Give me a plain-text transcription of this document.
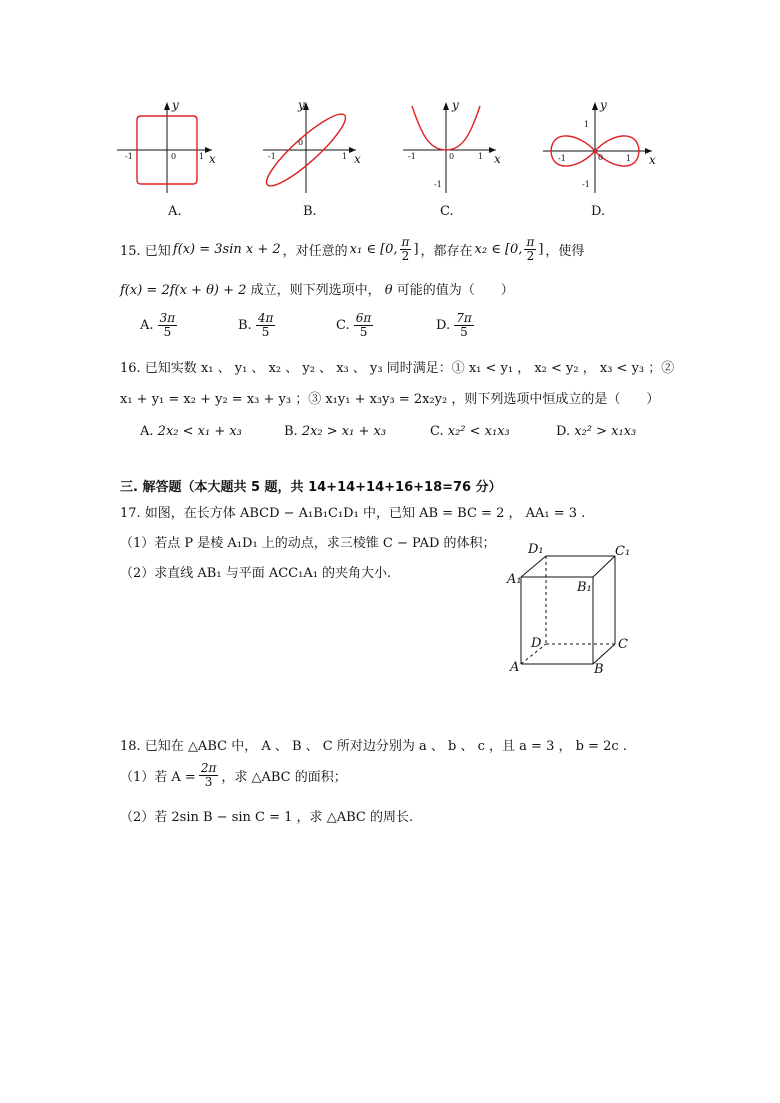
y
x
-1	0	1
A.
y
x
-1
0
1
B.
y
x
-1	0	1
-1
C.
y
x
-1	0	1
1
-1
D.
15. 已知 f(x) = 3sin x + 2 ，对任意的 x₁ ∈ [0, $\frac{\pi}{2}$ ] ，都存在 x₂ ∈ [0, $\frac{\pi}{2}$ ] ，使得
f(x) = 2f(x + θ) + 2 成立，则下列选项中， θ 可能的值为（　　）
A. $\frac{3\pi}{5}$	B. $\frac{4\pi}{5}$	C. $\frac{6\pi}{5}$	D. $\frac{7\pi}{5}$
16. 已知实数 x₁ 、 y₁ 、 x₂ 、 y₂ 、 x₃ 、 y₃ 同时满足：① x₁ < y₁ ， x₂ < y₂ ， x₃ < y₃ ；②
x₁ + y₁ = x₂ + y₂ = x₃ + y₃ ；③ x₁y₁ + x₃y₃ = 2x₂y₂ ，则下列选项中恒成立的是（　　）
A. 2x₂ < x₁ + x₃	B. 2x₂ > x₁ + x₃	C. x₂² < x₁x₃	D. x₂² > x₁x₃
三. 解答题（本大题共 5 题，共 14+14+14+16+18=76 分）
17. 如图，在长方体 ABCD − A₁B₁C₁D₁ 中，已知 AB = BC = 2 ， AA₁ = 3 .
（1）若点 P 是棱 A₁D₁ 上的动点，求三棱锥 C − PAD 的体积；
（2）求直线 AB₁ 与平面 ACC₁A₁ 的夹角大小.
D₁	C₁
A₁
B₁
D	C
A	B
18. 已知在 △ABC 中， A 、 B 、 C 所对边分别为 a 、 b 、 c ，且 a = 3 ， b = 2c .
（1）若 $A = \frac{2\pi}{3}$ ，求 △ABC 的面积；
（2）若 2sin B − sin C = 1 ，求 △ABC 的周长.
